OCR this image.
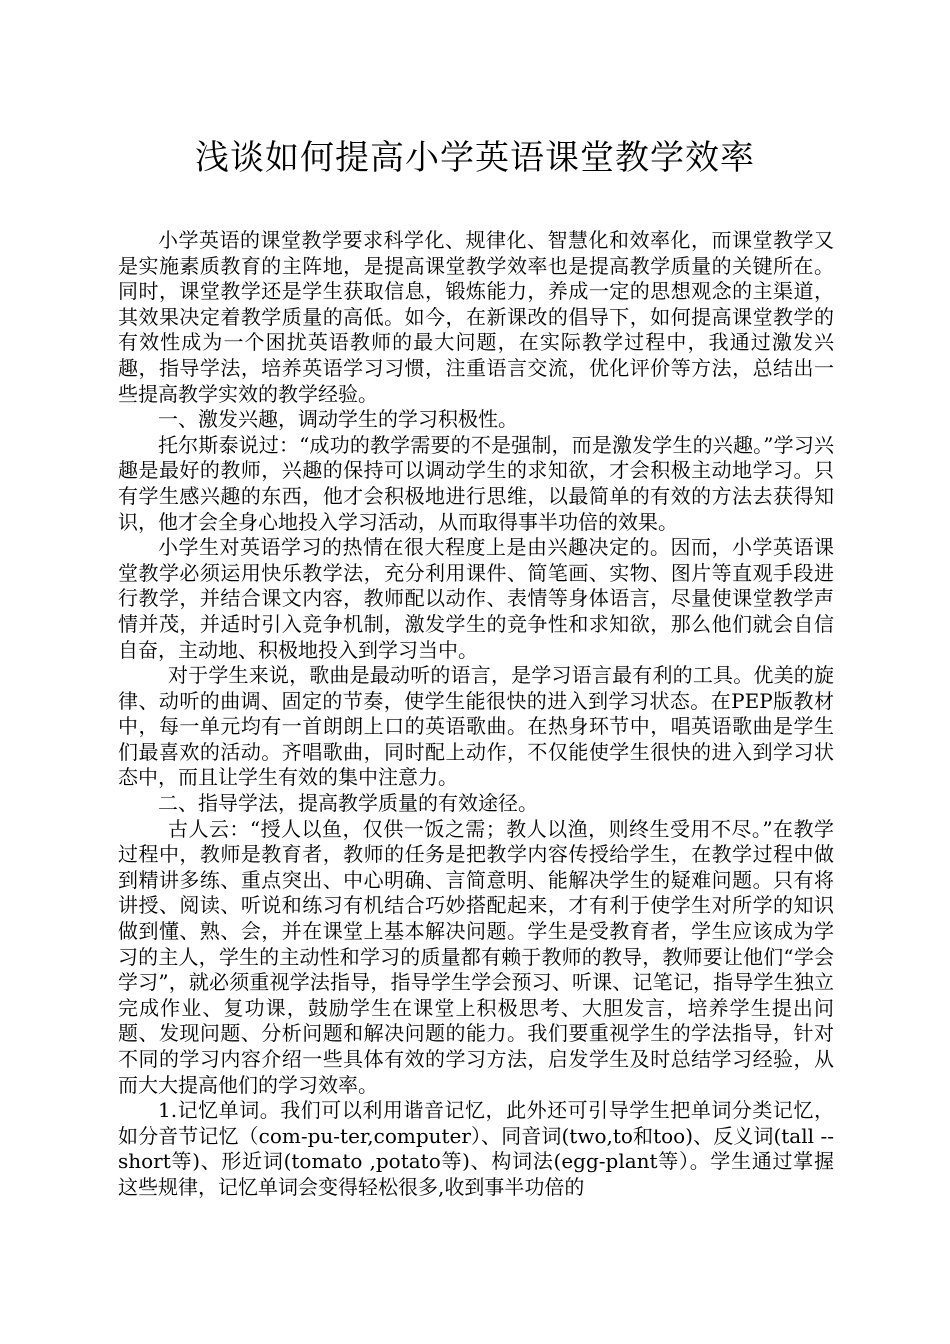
浅谈如何提高小学英语课堂教学效率

小学英语的课堂教学要求科学化、规律化、智慧化和效率化，而课堂教学又是实施素质教育的主阵地，是提高课堂教学效率也是提高教学质量的关键所在。同时，课堂教学还是学生获取信息，锻炼能力，养成一定的思想观念的主渠道，其效果决定着教学质量的高低。如今，在新课改的倡导下，如何提高课堂教学的有效性成为一个困扰英语教师的最大问题，在实际教学过程中，我通过激发兴趣，指导学法，培养英语学习习惯，注重语言交流，优化评价等方法，总结出一些提高教学实效的教学经验。

一、激发兴趣，调动学生的学习积极性。

托尔斯泰说过：“成功的教学需要的不是强制，而是激发学生的兴趣。”学习兴趣是最好的教师，兴趣的保持可以调动学生的求知欲，才会积极主动地学习。只有学生感兴趣的东西，他才会积极地进行思维，以最简单的有效的方法去获得知识，他才会全身心地投入学习活动，从而取得事半功倍的效果。

小学生对英语学习的热情在很大程度上是由兴趣决定的。因而，小学英语课堂教学必须运用快乐教学法，充分利用课件、简笔画、实物、图片等直观手段进行教学，并结合课文内容，教师配以动作、表情等身体语言，尽量使课堂教学声情并茂，并适时引入竞争机制，激发学生的竞争性和求知欲，那么他们就会自信自奋，主动地、积极地投入到学习当中。

对于学生来说，歌曲是最动听的语言，是学习语言最有利的工具。优美的旋律、动听的曲调、固定的节奏，使学生能很快的进入到学习状态。在PEP版教材中，每一单元均有一首朗朗上口的英语歌曲。在热身环节中，唱英语歌曲是学生们最喜欢的活动。齐唱歌曲，同时配上动作，不仅能使学生很快的进入到学习状态中，而且让学生有效的集中注意力。

二、指导学法，提高教学质量的有效途径。

古人云：“授人以鱼，仅供一饭之需；教人以渔，则终生受用不尽。”在教学过程中，教师是教育者，教师的任务是把教学内容传授给学生，在教学过程中做到精讲多练、重点突出、中心明确、言简意明、能解决学生的疑难问题。只有将讲授、阅读、听说和练习有机结合巧妙搭配起来，才有利于使学生对所学的知识做到懂、熟、会，并在课堂上基本解决问题。学生是受教育者，学生应该成为学习的主人，学生的主动性和学习的质量都有赖于教师的教导，教师要让他们“学会学习”，就必须重视学法指导，指导学生学会预习、听课、记笔记，指导学生独立完成作业、复功课，鼓励学生在课堂上积极思考、大胆发言，培养学生提出问题、发现问题、分析问题和解决问题的能力。我们要重视学生的学法指导，针对不同的学习内容介绍一些具体有效的学习方法，启发学生及时总结学习经验，从而大大提高他们的学习效率。

1.记忆单词。我们可以利用谐音记忆，此外还可引导学生把单词分类记忆，如分音节记忆（com-pu-ter,computer）、同音词(two,to和too)、反义词(tall --short等)、形近词(tomato ,potato等)、构词法(egg-plant等）。学生通过掌握这些规律，记忆单词会变得轻松很多,收到事半功倍的
